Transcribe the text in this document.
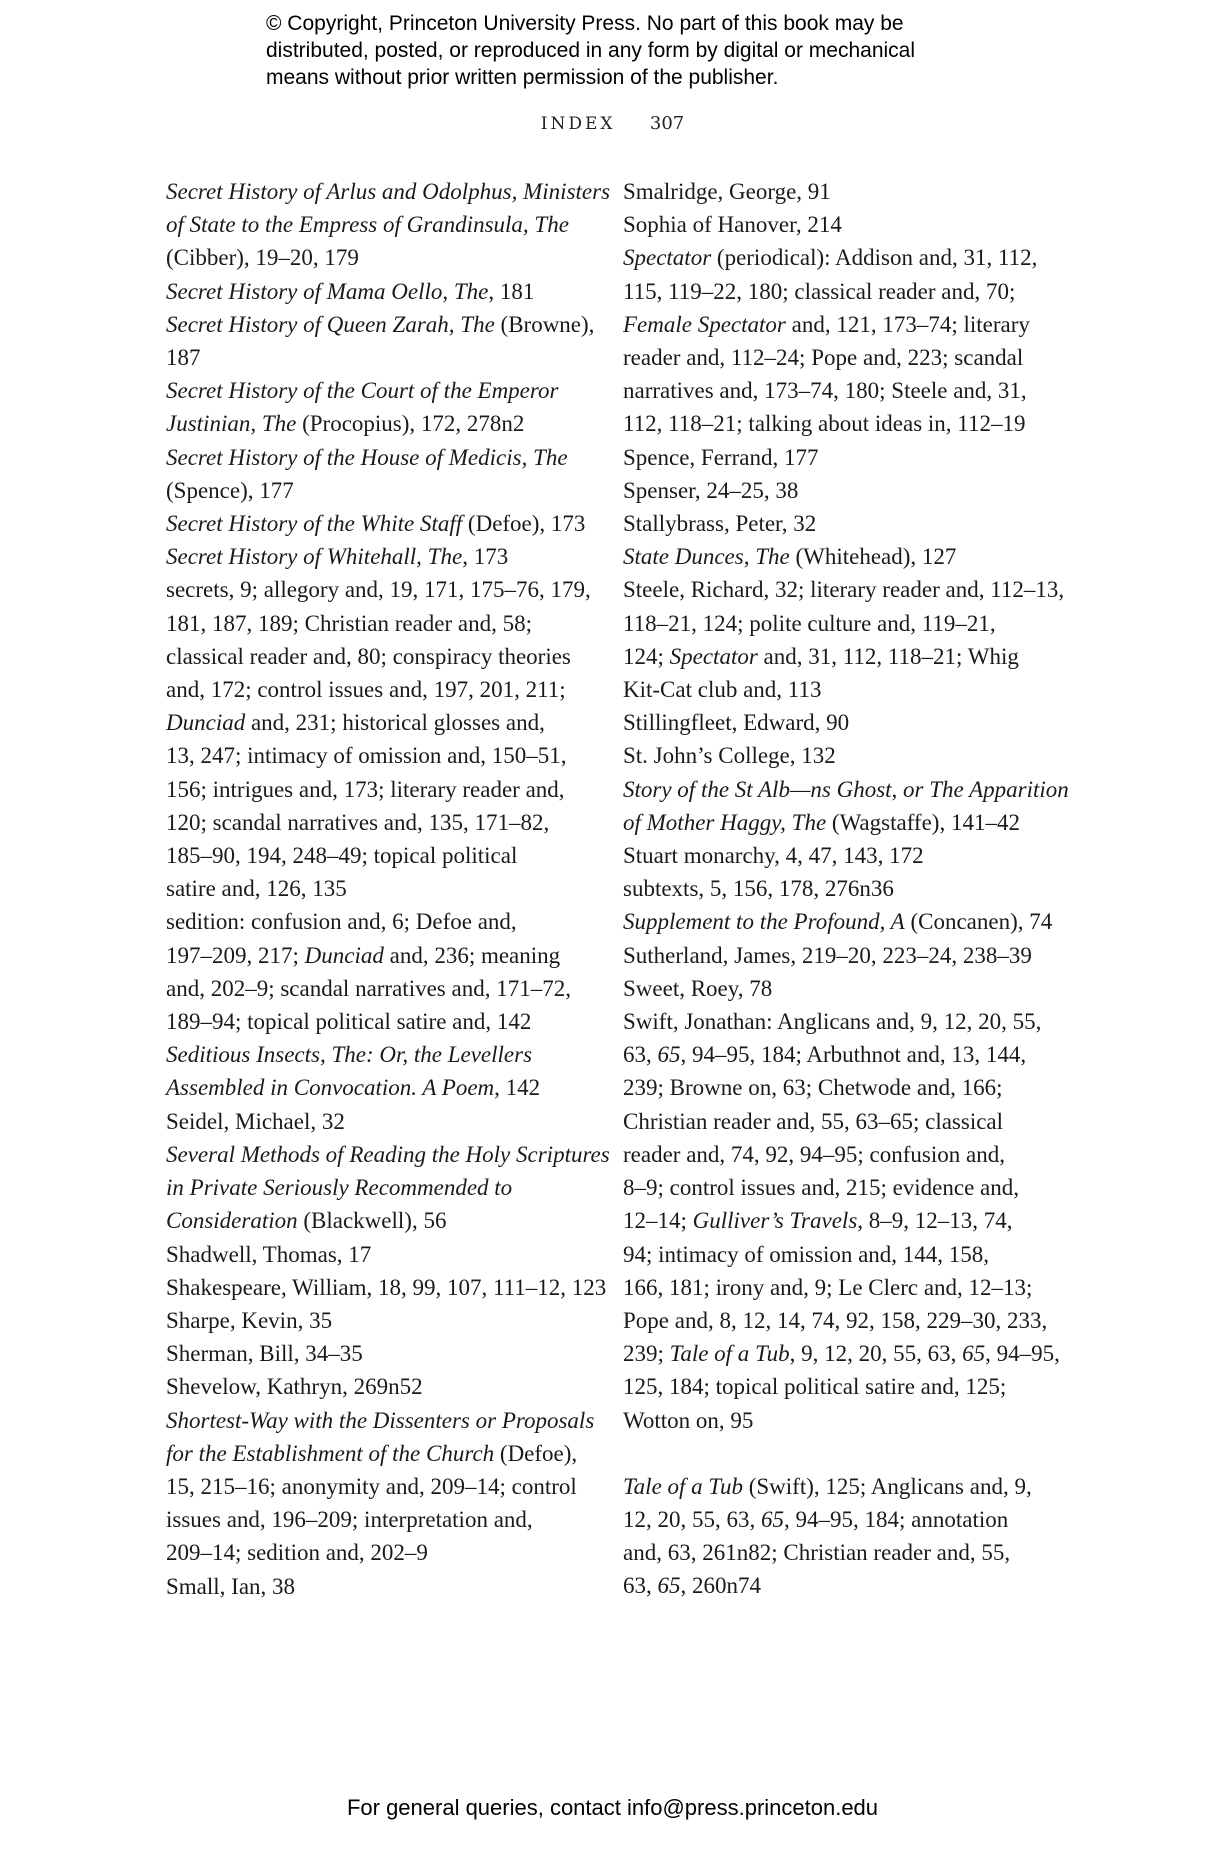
© Copyright, Princeton University Press. No part of this book may be
distributed, posted, or reproduced in any form by digital or mechanical
means without prior written permission of the publisher.
INDEX 307

Secret History of Arlus and Odolphus, Ministers
of State to the Empress of Grandinsula, The
(Cibber), 19–20, 179

Secret History of Mama Oello, The, 181

Secret History of Queen Zarah, The (Browne),
187

Secret History of the Court of the Emperor
Justinian, The (Procopius), 172, 278n2

Secret History of the House of Medicis, The
(Spence), 177

Secret History of the White Staff (Defoe), 173

Secret History of Whitehall, The, 173

secrets, 9; allegory and, 19, 171, 175–76, 179,
181, 187, 189; Christian reader and, 58;
classical reader and, 80; conspiracy theories
and, 172; control issues and, 197, 201, 211;
Dunciad and, 231; historical glosses and,
13, 247; intimacy of omission and, 150–51,
156; intrigues and, 173; literary reader and,
120; scandal narratives and, 135, 171–82,
185–90, 194, 248–49; topical political
satire and, 126, 135

sedition: confusion and, 6; Defoe and,
197–209, 217; Dunciad and, 236; meaning
and, 202–9; scandal narratives and, 171–72,
189–94; topical political satire and, 142

Seditious Insects, The: Or, the Levellers
Assembled in Convocation. A Poem, 142

Seidel, Michael, 32

Several Methods of Reading the Holy Scriptures
in Private Seriously Recommended to
Consideration (Blackwell), 56

Shadwell, Thomas, 17

Shakespeare, William, 18, 99, 107, 111–12, 123

Sharpe, Kevin, 35

Sherman, Bill, 34–35

Shevelow, Kathryn, 269n52

Shortest-Way with the Dissenters or Proposals
for the Establishment of the Church (Defoe),
15, 215–16; anonymity and, 209–14; control
issues and, 196–209; interpretation and,
209–14; sedition and, 202–9

Small, Ian, 38

Smalridge, George, 91

Sophia of Hanover, 214

Spectator (periodical): Addison and, 31, 112,
115, 119–22, 180; classical reader and, 70;
Female Spectator and, 121, 173–74; literary
reader and, 112–24; Pope and, 223; scandal
narratives and, 173–74, 180; Steele and, 31,
112, 118–21; talking about ideas in, 112–19

Spence, Ferrand, 177

Spenser, 24–25, 38

Stallybrass, Peter, 32

State Dunces, The (Whitehead), 127

Steele, Richard, 32; literary reader and, 112–13,
118–21, 124; polite culture and, 119–21,
124; Spectator and, 31, 112, 118–21; Whig
Kit-Cat club and, 113

Stillingfleet, Edward, 90

St. John’s College, 132

Story of the St Alb—ns Ghost, or The Apparition
of Mother Haggy, The (Wagstaffe), 141–42

Stuart monarchy, 4, 47, 143, 172

subtexts, 5, 156, 178, 276n36

Supplement to the Profound, A (Concanen), 74

Sutherland, James, 219–20, 223–24, 238–39

Sweet, Roey, 78

Swift, Jonathan: Anglicans and, 9, 12, 20, 55,
63, 65, 94–95, 184; Arbuthnot and, 13, 144,
239; Browne on, 63; Chetwode and, 166;
Christian reader and, 55, 63–65; classical
reader and, 74, 92, 94–95; confusion and,
8–9; control issues and, 215; evidence and,
12–14; Gulliver’s Travels, 8–9, 12–13, 74,
94; intimacy of omission and, 144, 158,
166, 181; irony and, 9; Le Clerc and, 12–13;
Pope and, 8, 12, 14, 74, 92, 158, 229–30, 233,
239; Tale of a Tub, 9, 12, 20, 55, 63, 65, 94–95,
125, 184; topical political satire and, 125;
Wotton on, 95

Tale of a Tub (Swift), 125; Anglicans and, 9,
12, 20, 55, 63, 65, 94–95, 184; annotation
and, 63, 261n82; Christian reader and, 55,
63, 65, 260n74

For general queries, contact info@press.princeton.edu
